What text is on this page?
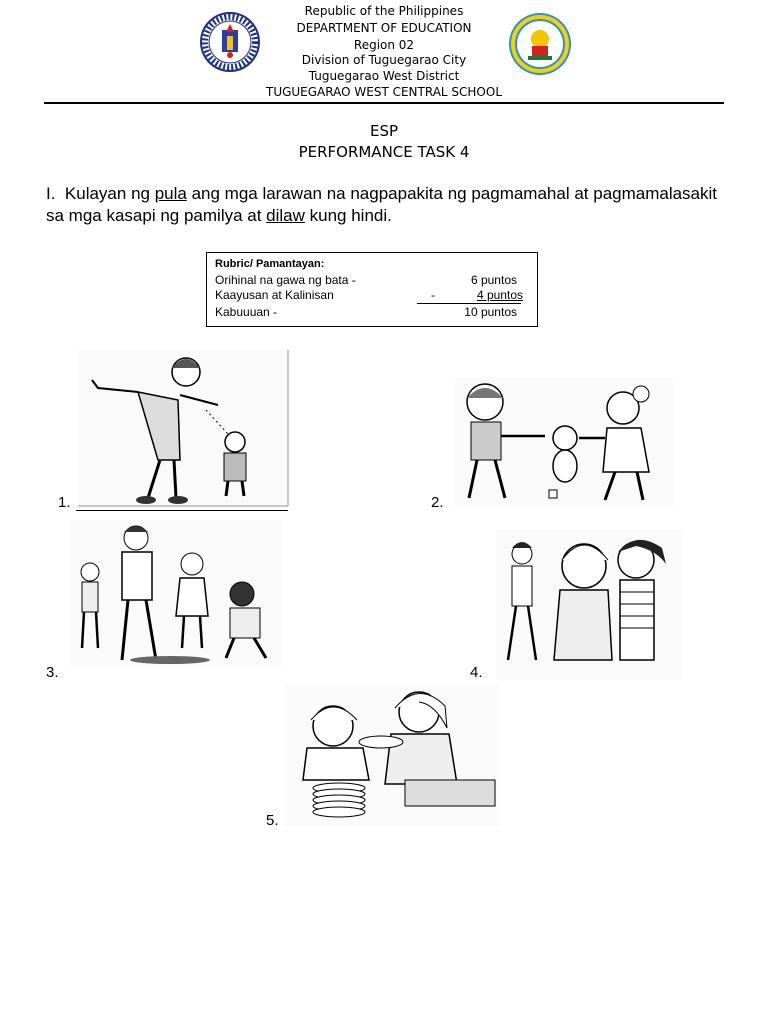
Republic of the Philippines
DEPARTMENT OF EDUCATION
Region 02
Division of Tuguegarao City
Tuguegarao West District
TUGUEGARAO WEST CENTRAL SCHOOL
ESP
PERFORMANCE TASK 4
I. Kulayan ng pula ang mga larawan na nagpapakita ng pagmamahal at pagmamalasakit sa mga kasapi ng pamilya at dilaw kung hindi.
Rubric/ Pamantayan:
Orihinal na gawa ng bata -	6 puntos
Kaayusan at Kalinisan	-	4 puntos
Kabuuuan -	10 puntos
1.	2.
3.	4.
5.
